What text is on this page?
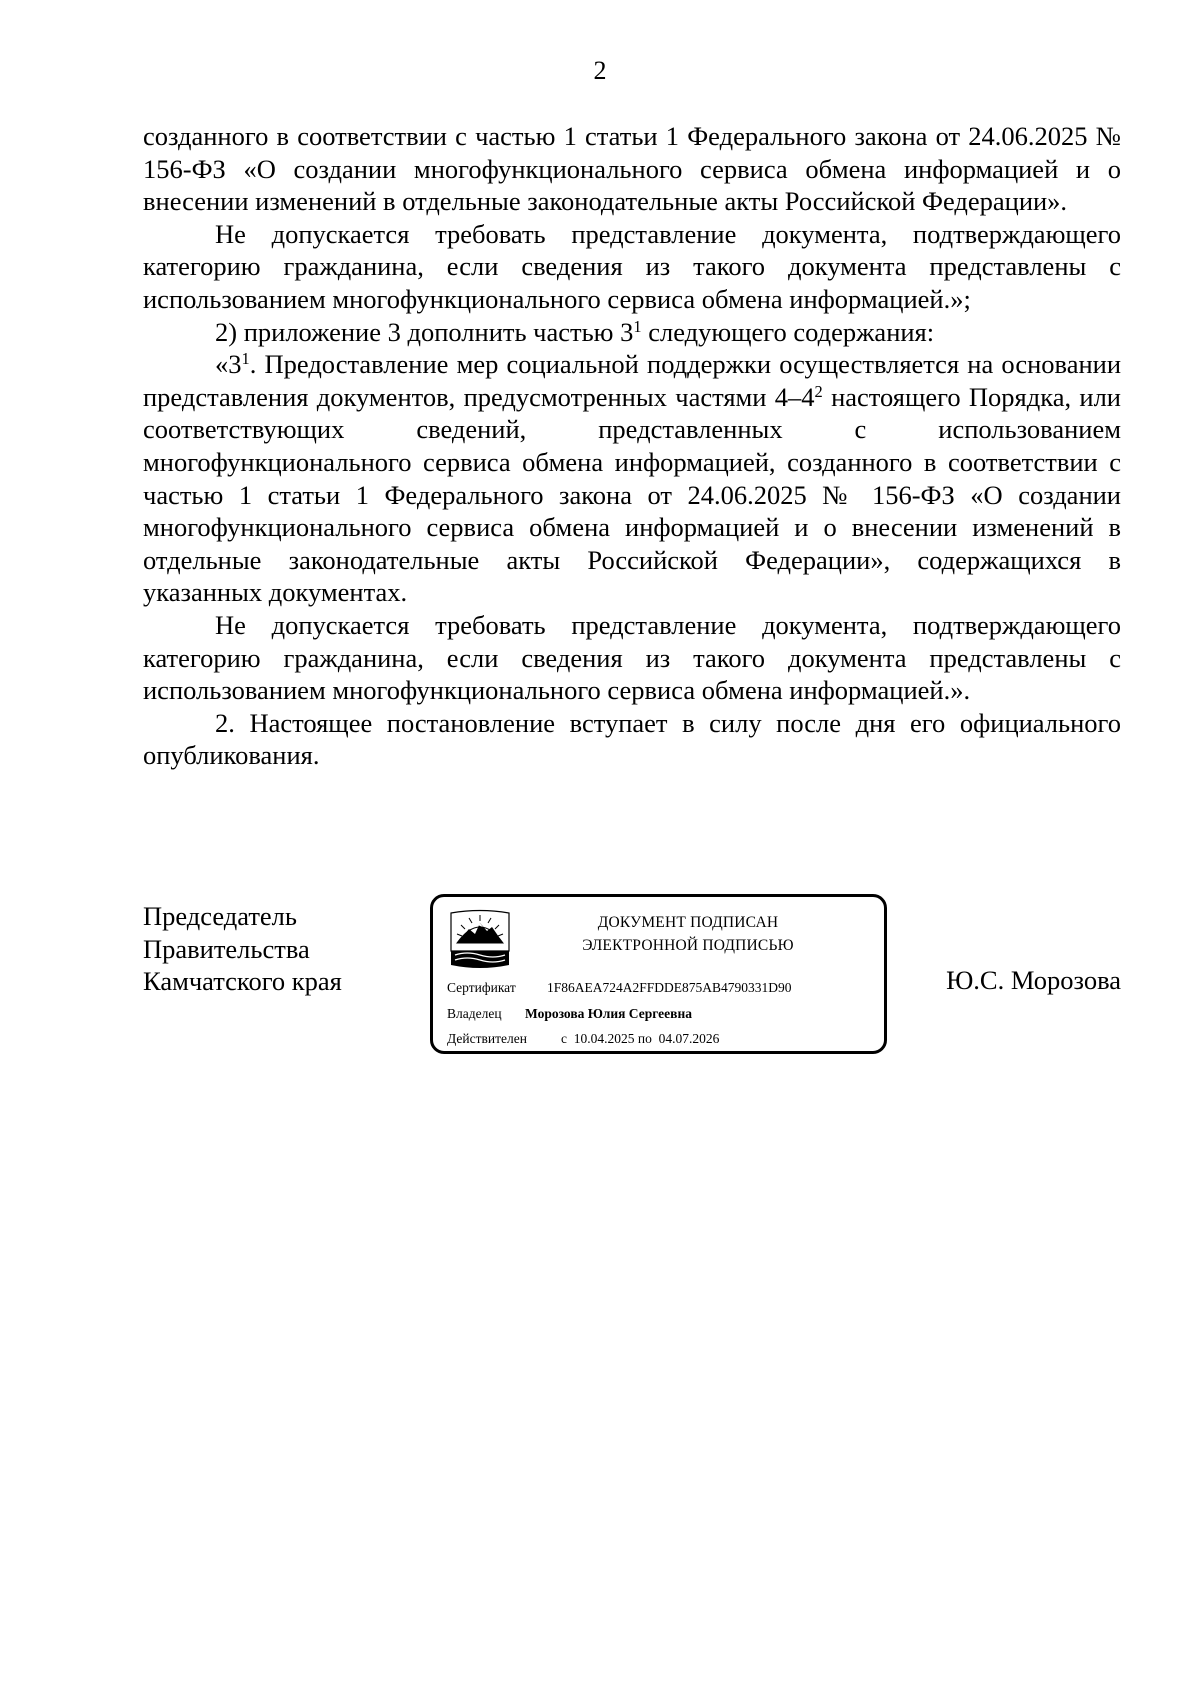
2

созданного в соответствии с частью 1 статьи 1 Федерального закона от 24.06.2025 № 156-ФЗ «О создании многофункционального сервиса обмена информацией и о внесении изменений в отдельные законодательные акты Российской Федерации».

Не допускается требовать представление документа, подтверждающего категорию гражданина, если сведения из такого документа представлены с использованием многофункционального сервиса обмена информацией.»;

2) приложение 3 дополнить частью $3^1$ следующего содержания:

«$3^1$. Предоставление мер социальной поддержки осуществляется на основании представления документов, предусмотренных частями $4-4^2$ настоящего Порядка, или соответствующих сведений, представленных с использованием многофункционального сервиса обмена информацией, созданного в соответствии с частью 1 статьи 1 Федерального закона от 24.06.2025 № 156-ФЗ «О создании многофункционального сервиса обмена информацией и о внесении изменений в отдельные законодательные акты Российской Федерации», содержащихся в указанных документах.

Не допускается требовать представление документа, подтверждающего категорию гражданина, если сведения из такого документа представлены с использованием многофункционального сервиса обмена информацией.».

2. Настоящее постановление вступает в силу после дня его официального опубликования.

Председатель
Правительства
Камчатского края
ДОКУМЕНТ ПОДПИСАН
ЭЛЕКТРОННОЙ ПОДПИСЬЮ
Сертификат 1F86AEA724A2FFDDE875AB4790331D90
Владелец Морозова Юлия Сергеевна
Действителен	с  10.04.2025 по  04.07.2026
Ю.С. Морозова
